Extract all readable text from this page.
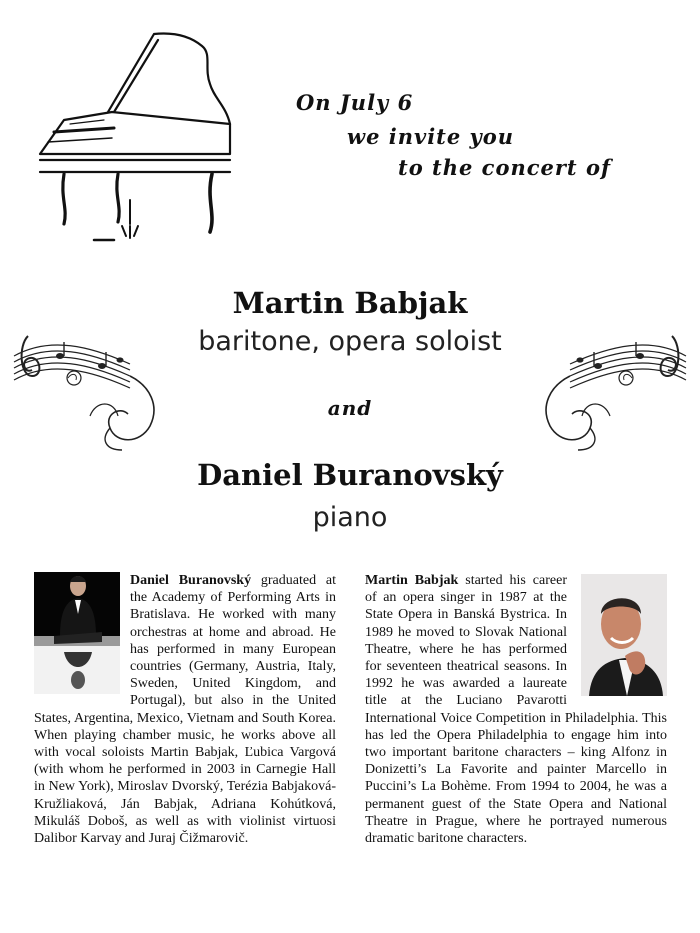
On July 6
we invite you
to the concert of
Martin Babjak
baritone, opera soloist
and
Daniel Buranovský
piano
Daniel Buranovský graduated at the Academy of Performing Arts in Bratislava. He worked with many orchestras at home and abroad. He has performed in many European countries (Germany, Austria, Italy, Sweden, United Kingdom, and Portugal), but also in the United States, Argentina, Mexico, Vietnam and South Korea. When playing chamber music, he works above all with vocal soloists Martin Babjak, Ľubica Vargová (with whom he performed in 2003 in Carnegie Hall in New York), Miroslav Dvorský, Terézia Babjaková-Kružliaková, Ján Babjak, Adriana Kohútková, Mikuláš Doboš, as well as with violinist virtuosi Dalibor Karvay and Juraj Čižmarovič.
Martin Babjak started his career of an opera singer in 1987 at the State Opera in Banská Bystrica. In 1989 he moved to Slovak National Theatre, where he has performed for seventeen theatrical seasons. In 1992 he was awarded a laureate title at the Luciano Pavarotti International Voice Competition in Philadelphia. This has led the Opera Philadelphia to engage him into two important baritone characters – king Alfonz in Donizetti’s La Favorite and painter Marcello in Puccini’s La Bohème. From 1994 to 2004, he was a permanent guest of the State Opera and National Theatre in Prague, where he portrayed numerous dramatic baritone characters.
